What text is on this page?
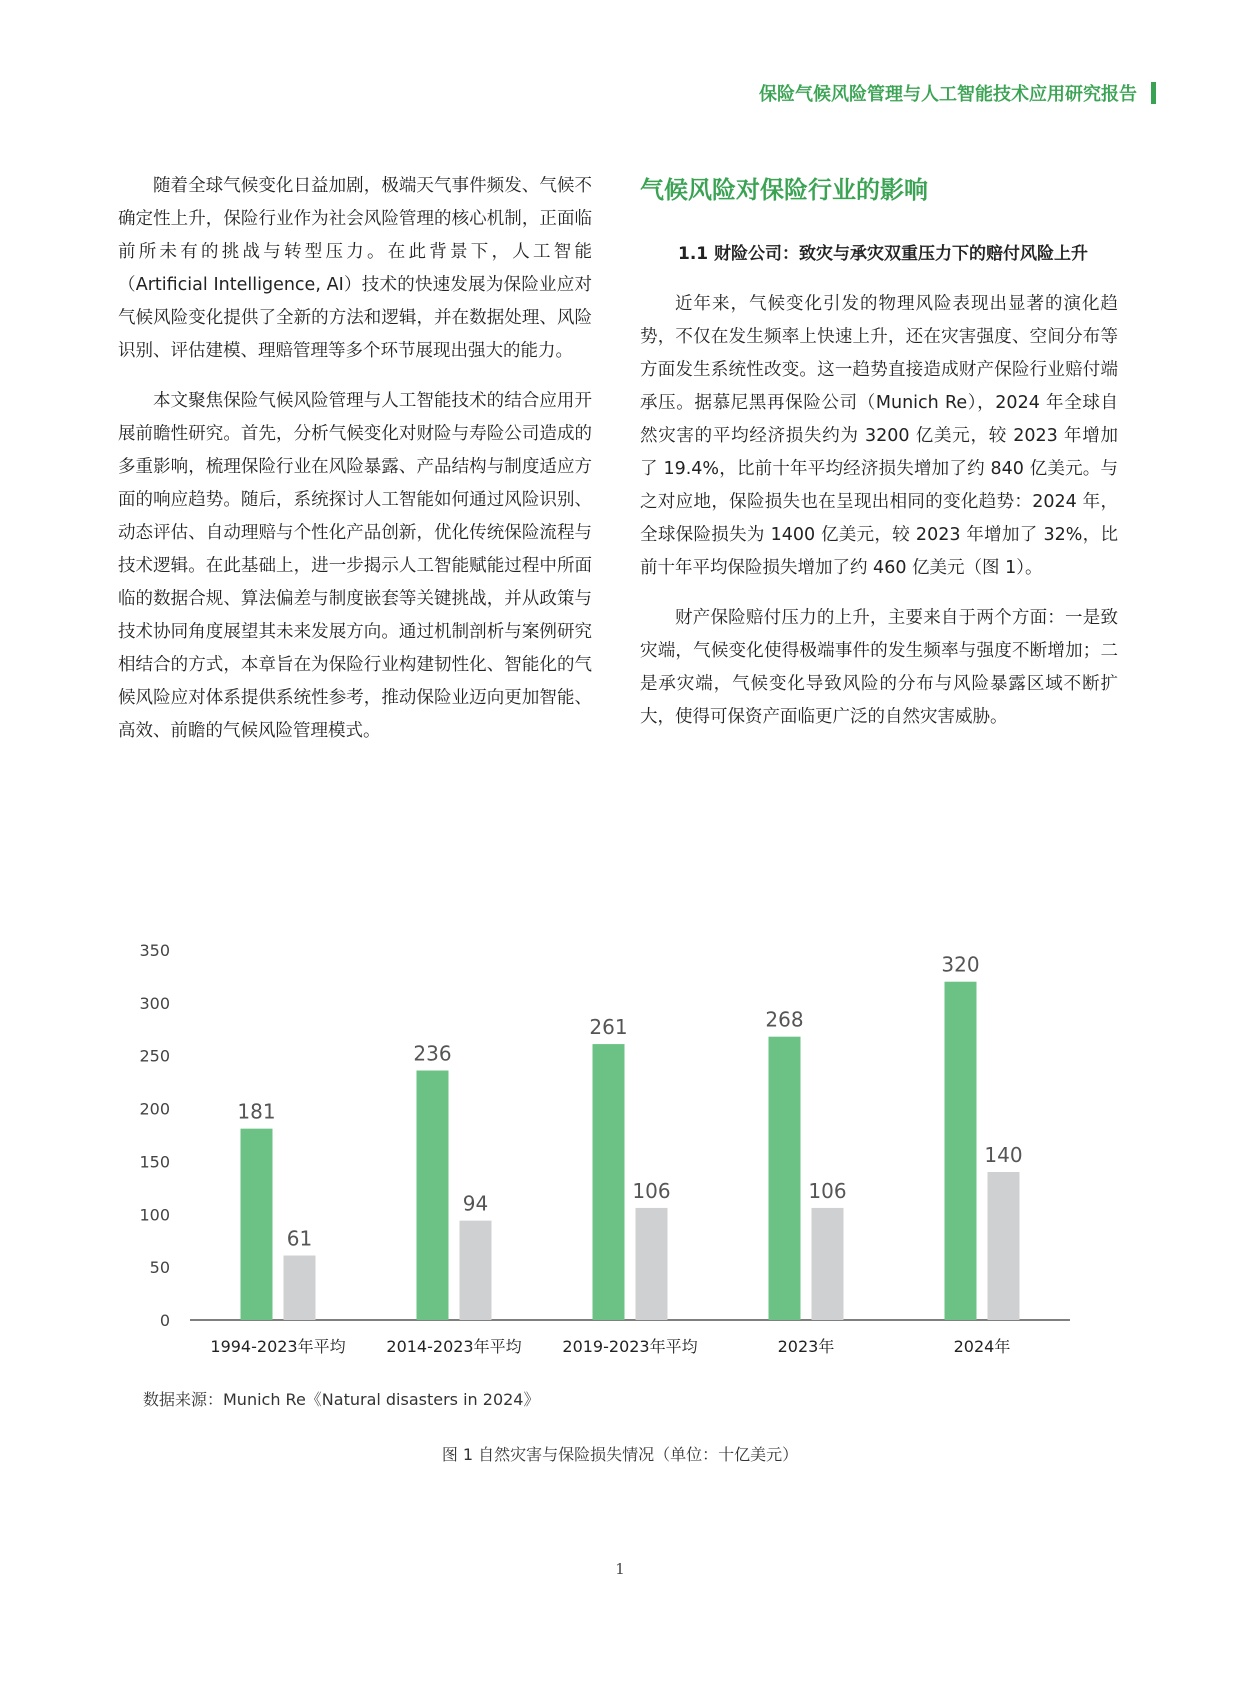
保险气候风险管理与人工智能技术应用研究报告

随着全球气候变化日益加剧，极端天气事件频发、气候不确定性上升，保险行业作为社会风险管理的核心机制，正面临前所未有的挑战与转型压力。在此背景下，人工智能（Artificial Intelligence, AI）技术的快速发展为保险业应对气候风险变化提供了全新的方法和逻辑，并在数据处理、风险识别、评估建模、理赔管理等多个环节展现出强大的能力。

本文聚焦保险气候风险管理与人工智能技术的结合应用开展前瞻性研究。首先，分析气候变化对财险与寿险公司造成的多重影响，梳理保险行业在风险暴露、产品结构与制度适应方面的响应趋势。随后，系统探讨人工智能如何通过风险识别、动态评估、自动理赔与个性化产品创新，优化传统保险流程与技术逻辑。在此基础上，进一步揭示人工智能赋能过程中所面临的数据合规、算法偏差与制度嵌套等关键挑战，并从政策与技术协同角度展望其未来发展方向。通过机制剖析与案例研究相结合的方式，本章旨在为保险行业构建韧性化、智能化的气候风险应对体系提供系统性参考，推动保险业迈向更加智能、高效、前瞻的气候风险管理模式。

气候风险对保险行业的影响
1.1 财险公司：致灾与承灾双重压力下的赔付风险上升

近年来，气候变化引发的物理风险表现出显著的演化趋势，不仅在发生频率上快速上升，还在灾害强度、空间分布等方面发生系统性改变。这一趋势直接造成财产保险行业赔付端承压。据慕尼黑再保险公司（Munich Re），2024 年全球自然灾害的平均经济损失约为 3200 亿美元，较 2023 年增加了 19.4%，比前十年平均经济损失增加了约 840 亿美元。与之对应地，保险损失也在呈现出相同的变化趋势：2024 年，全球保险损失为 1400 亿美元，较 2023 年增加了 32%，比前十年平均保险损失增加了约 460 亿美元（图 1）。

财产保险赔付压力的上升，主要来自于两个方面：一是致灾端，气候变化使得极端事件的发生频率与强度不断增加；二是承灾端，气候变化导致风险的分布与风险暴露区域不断扩大，使得可保资产面临更广泛的自然灾害威胁。

0
50
100
150
200
250
300
350
181
61
1994-2023年平均
236
94
2014-2023年平均
261
106
2019-2023年平均
268
106
2023年
320
140
2024年
数据来源：Munich Re《Natural disasters in 2024》
图 1 自然灾害与保险损失情况（单位：十亿美元）
1
